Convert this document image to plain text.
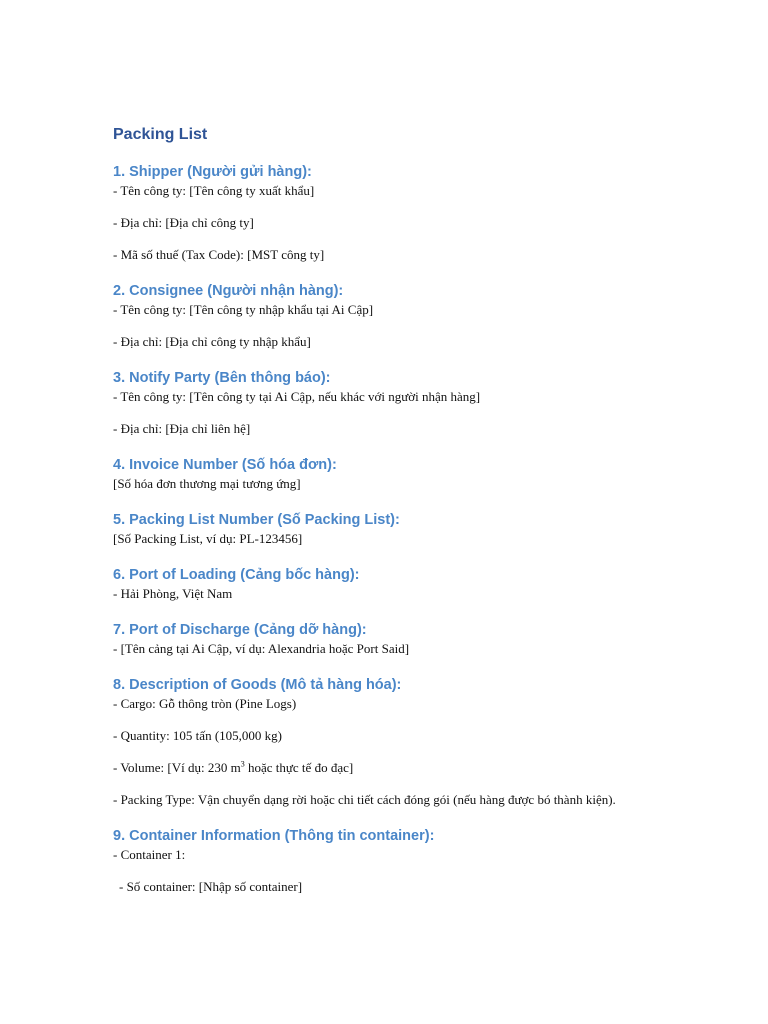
Packing List
1. Shipper (Người gửi hàng):

- Tên công ty: [Tên công ty xuất khẩu]

- Địa chỉ: [Địa chỉ công ty]

- Mã số thuế (Tax Code): [MST công ty]

2. Consignee (Người nhận hàng):

- Tên công ty: [Tên công ty nhập khẩu tại Ai Cập]

- Địa chỉ: [Địa chỉ công ty nhập khẩu]

3. Notify Party (Bên thông báo):

- Tên công ty: [Tên công ty tại Ai Cập, nếu khác với người nhận hàng]

- Địa chỉ: [Địa chỉ liên hệ]

4. Invoice Number (Số hóa đơn):

[Số hóa đơn thương mại tương ứng]

5. Packing List Number (Số Packing List):

[Số Packing List, ví dụ: PL-123456]

6. Port of Loading (Cảng bốc hàng):

- Hải Phòng, Việt Nam

7. Port of Discharge (Cảng dỡ hàng):

- [Tên cảng tại Ai Cập, ví dụ: Alexandria hoặc Port Said]

8. Description of Goods (Mô tả hàng hóa):

- Cargo: Gỗ thông tròn (Pine Logs)

- Quantity: 105 tấn (105,000 kg)

- Volume: [Ví dụ: 230 $m^3$ hoặc thực tế đo đạc]

- Packing Type: Vận chuyển dạng rời hoặc chi tiết cách đóng gói (nếu hàng được bó thành kiện).

9. Container Information (Thông tin container):

- Container 1:

- Số container: [Nhập số container]
